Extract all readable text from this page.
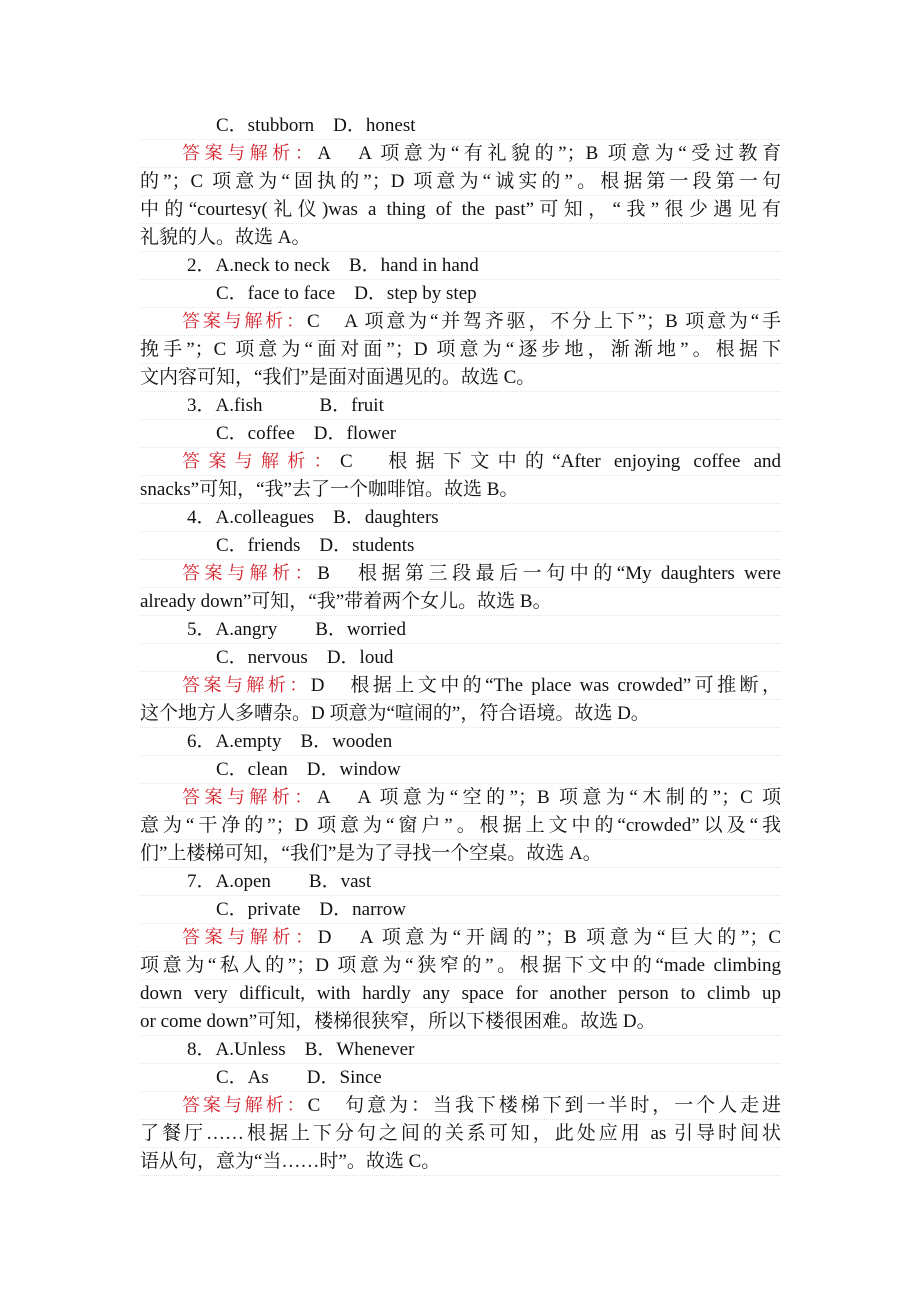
C．stubborn　D．honest
答案与解析：A　A 项意为“有礼貌的”；B 项意为“受过教育
的”；C 项意为“固执的”；D 项意为“诚实的”。根据第一段第一句
中的“courtesy(礼仪)was a thing of the past”可知，“我”很少遇见有
礼貌的人。故选 A。
2．A.neck to neck　B．hand in hand
C．face to face　D．step by step
答案与解析：C　A 项意为“并驾齐驱，不分上下”；B 项意为“手
挽手”；C 项意为“面对面”；D 项意为“逐步地，渐渐地”。根据下
文内容可知，“我们”是面对面遇见的。故选 C。
3．A.fish　　　B．fruit
C．coffee　D．flower
答案与解析：C　根据下文中的“After enjoying coffee and
snacks”可知，“我”去了一个咖啡馆。故选 B。
4．A.colleagues　B．daughters
C．friends　D．students
答案与解析：B　根据第三段最后一句中的“My daughters were
already down”可知，“我”带着两个女儿。故选 B。
5．A.angry　　B．worried
C．nervous　D．loud
答案与解析：D　根据上文中的“The place was crowded”可推断，
这个地方人多嘈杂。D 项意为“喧闹的”，符合语境。故选 D。
6．A.empty　B．wooden
C．clean　D．window
答案与解析：A　A 项意为“空的”；B 项意为“木制的”；C 项
意为“干净的”；D 项意为“窗户”。根据上文中的“crowded”以及“我
们”上楼梯可知，“我们”是为了寻找一个空桌。故选 A。
7．A.open　　B．vast
C．private　D．narrow
答案与解析：D　A 项意为“开阔的”；B 项意为“巨大的”；C
项意为“私人的”；D 项意为“狭窄的”。根据下文中的“made climbing
down very difficult, with hardly any space for another person to climb up
or come down”可知，楼梯很狭窄，所以下楼很困难。故选 D。
8．A.Unless　B．Whenever
C．As　　D．Since
答案与解析：C　句意为：当我下楼梯下到一半时，一个人走进
了餐厅……根据上下分句之间的关系可知，此处应用 as 引导时间状
语从句，意为“当……时”。故选 C。
